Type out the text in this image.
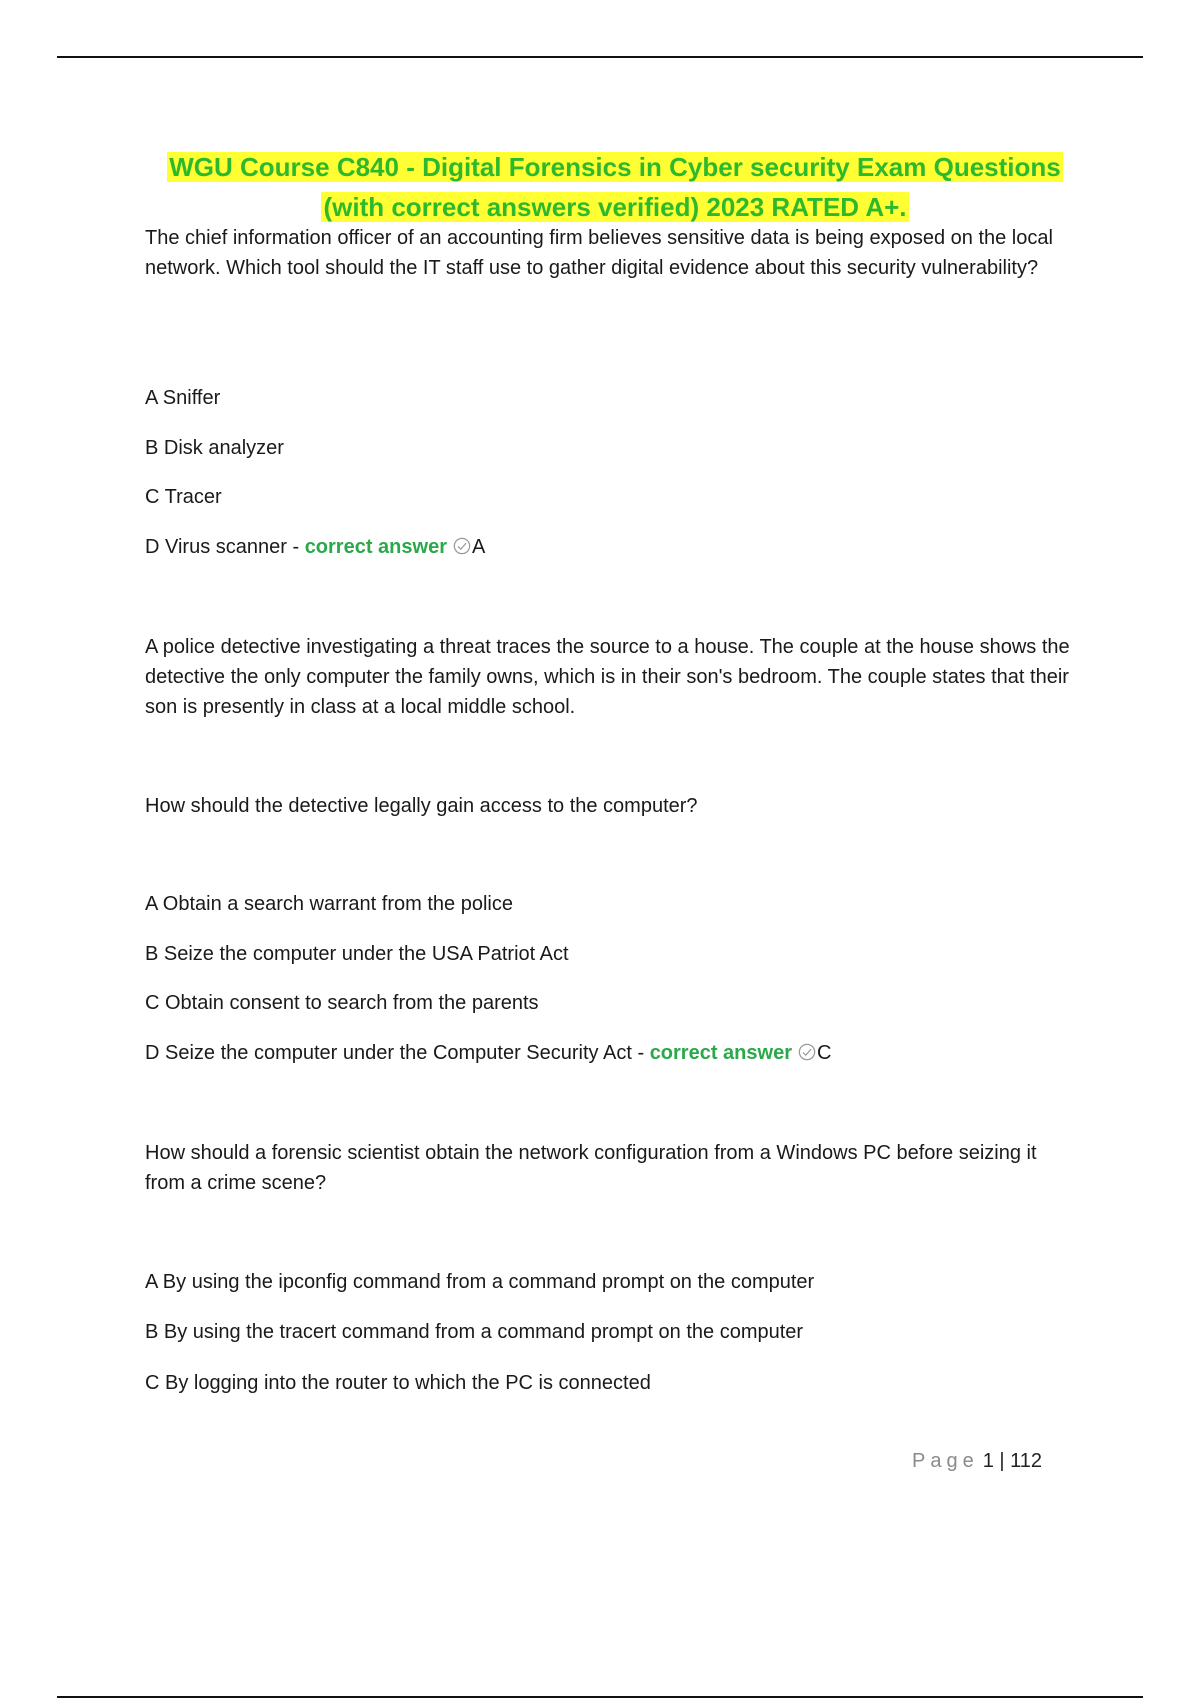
WGU Course C840 - Digital Forensics in Cyber security Exam Questions
(with correct answers verified) 2023 RATED A+.

The chief information officer of an accounting firm believes sensitive data is being exposed on the local network. Which tool should the IT staff use to gather digital evidence about this security vulnerability?

A Sniffer

B Disk analyzer

C Tracer

D Virus scanner - correct answer A

A police detective investigating a threat traces the source to a house. The couple at the house shows the detective the only computer the family owns, which is in their son's bedroom. The couple states that their son is presently in class at a local middle school.

How should the detective legally gain access to the computer?

A Obtain a search warrant from the police

B Seize the computer under the USA Patriot Act

C Obtain consent to search from the parents

D Seize the computer under the Computer Security Act - correct answer C

How should a forensic scientist obtain the network configuration from a Windows PC before seizing it from a crime scene?

A By using the ipconfig command from a command prompt on the computer

B By using the tracert command from a command prompt on the computer

C By logging into the router to which the PC is connected

Page 1 | 112
